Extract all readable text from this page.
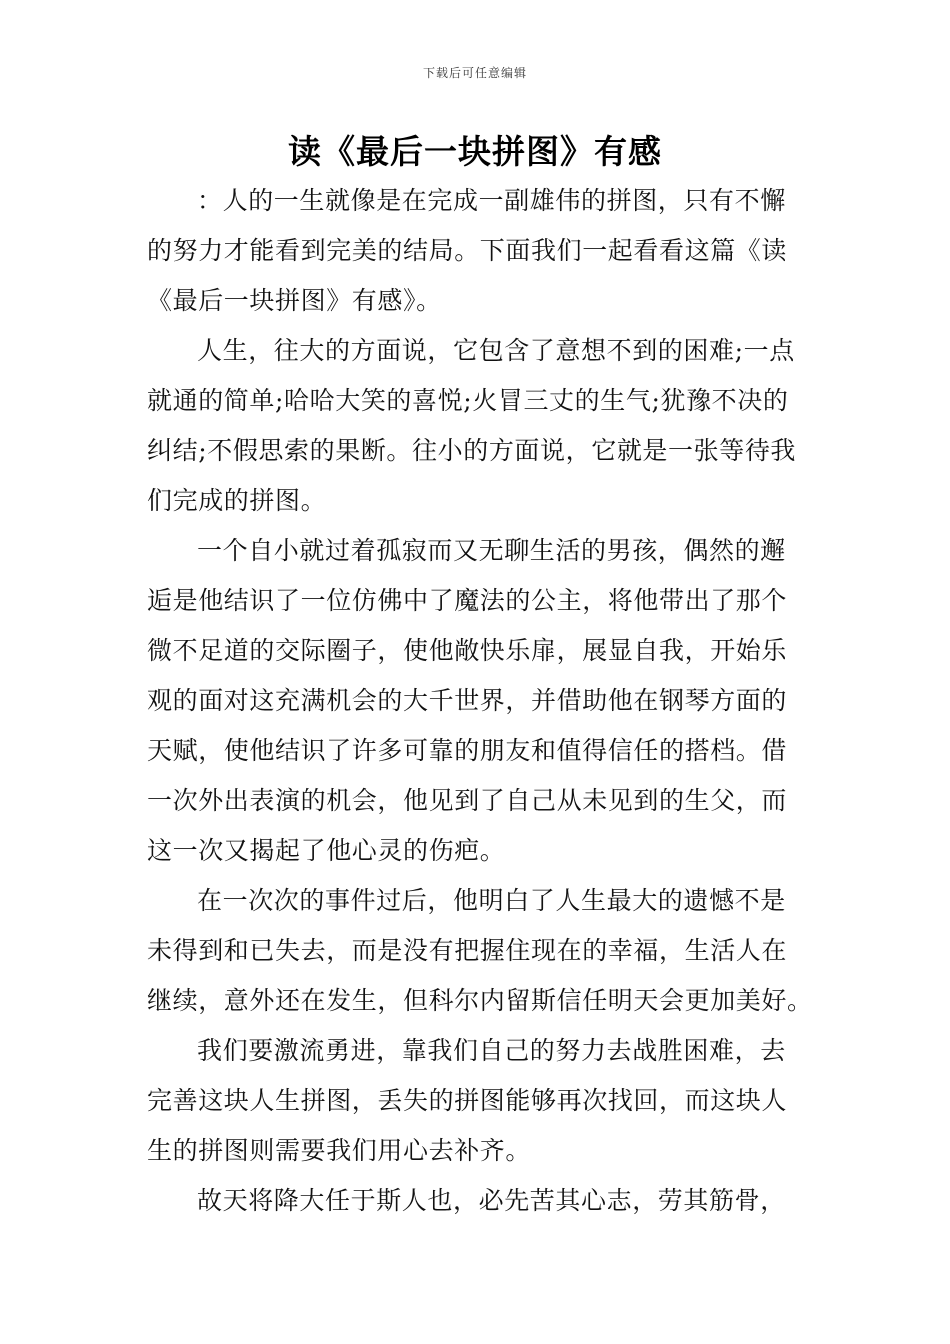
下载后可任意编辑
读《最后一块拼图》有感

：人的一生就像是在完成一副雄伟的拼图，只有不懈
的努力才能看到完美的结局。下面我们一起看看这篇《读
《最后一块拼图》有感》。

人生，往大的方面说，它包含了意想不到的困难;一点
就通的简单;哈哈大笑的喜悦;火冒三丈的生气;犹豫不决的
纠结;不假思索的果断。往小的方面说，它就是一张等待我
们完成的拼图。

一个自小就过着孤寂而又无聊生活的男孩，偶然的邂
逅是他结识了一位仿佛中了魔法的公主，将他带出了那个
微不足道的交际圈子，使他敞快乐扉，展显自我，开始乐
观的面对这充满机会的大千世界，并借助他在钢琴方面的
天赋，使他结识了许多可靠的朋友和值得信任的搭档。借
一次外出表演的机会，他见到了自己从未见到的生父，而
这一次又揭起了他心灵的伤疤。

在一次次的事件过后，他明白了人生最大的遗憾不是
未得到和已失去，而是没有把握住现在的幸福，生活人在
继续，意外还在发生，但科尔内留斯信任明天会更加美好。

我们要激流勇进，靠我们自己的努力去战胜困难，去
完善这块人生拼图，丢失的拼图能够再次找回，而这块人
生的拼图则需要我们用心去补齐。

故天将降大任于斯人也，必先苦其心志，劳其筋骨，
